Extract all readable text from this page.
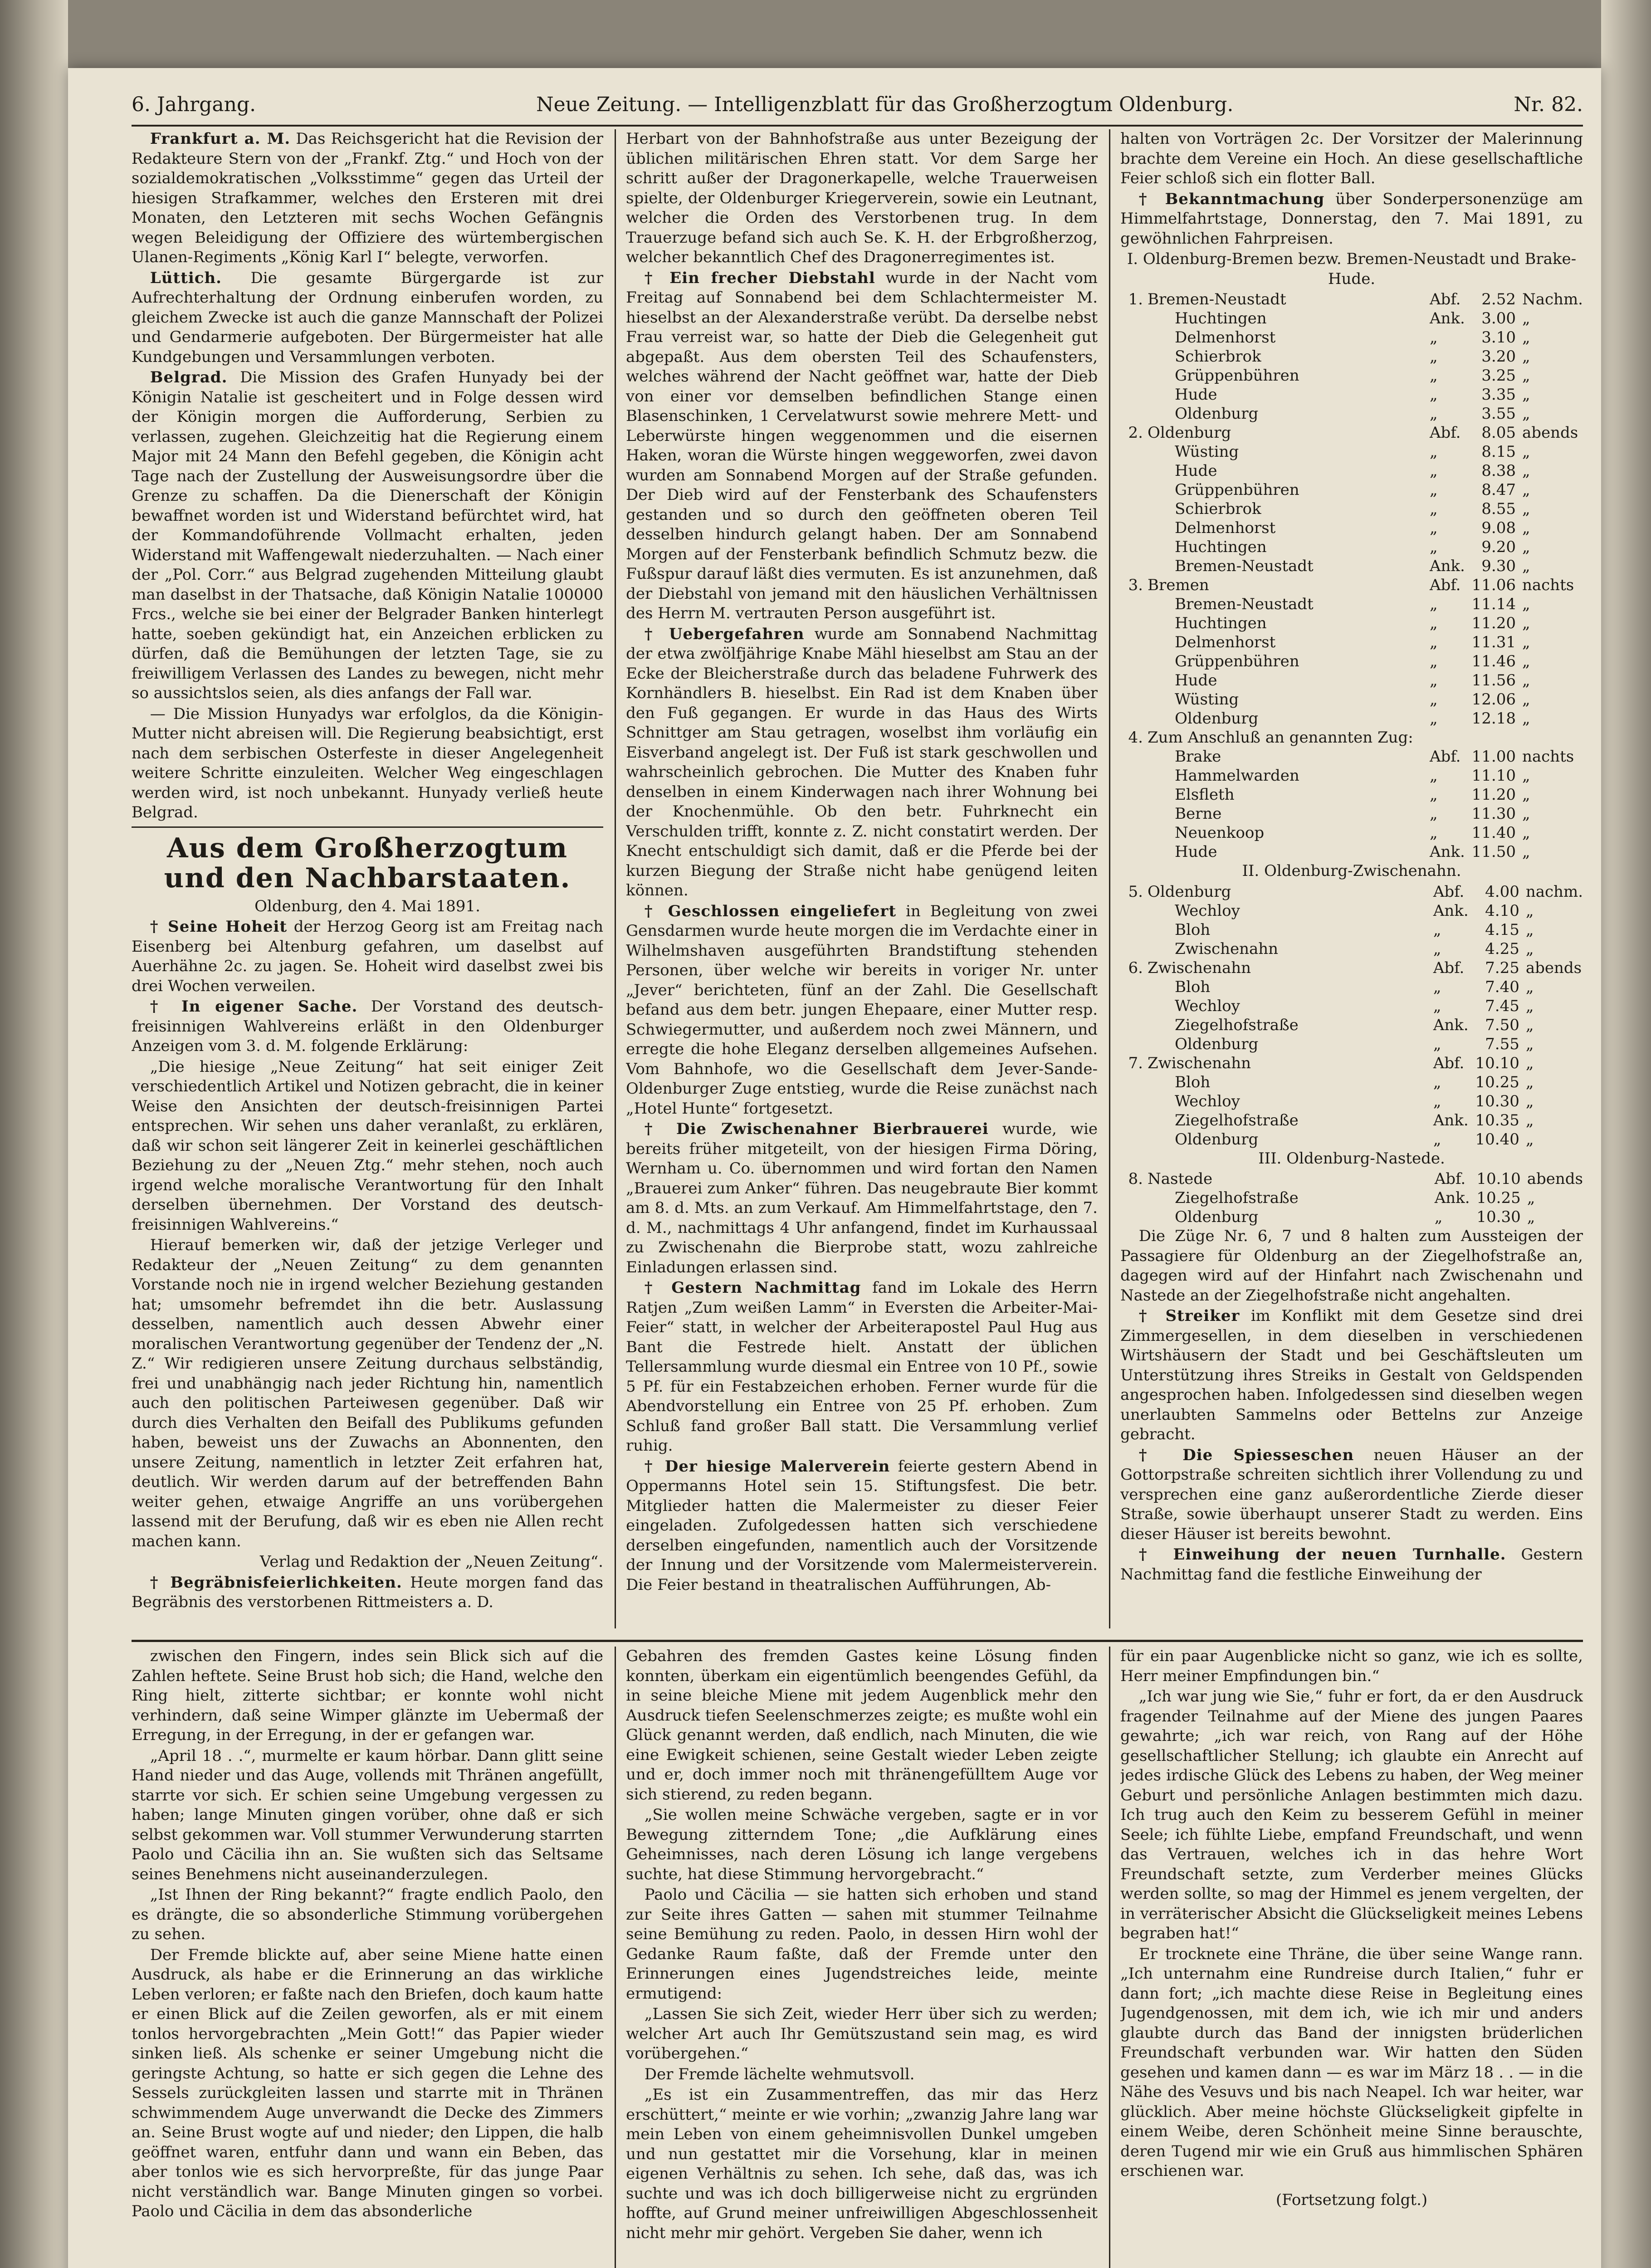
6. Jahrgang.	Neue Zeitung. — Intelligenzblatt für das Großherzogtum Oldenburg.	Nr. 82.

Frankfurt a. M. Das Reichsgericht hat die Revision der Redakteure Stern von der „Frankf. Ztg.“ und Hoch von der sozialdemokratischen „Volksstimme“ gegen das Urteil der hiesigen Strafkammer, welches den Ersteren mit drei Monaten, den Letzteren mit sechs Wochen Gefängnis wegen Beleidigung der Offiziere des würtembergischen Ulanen-Regiments „König Karl I“ belegte, verworfen.

Lüttich. Die gesamte Bürgergarde ist zur Aufrechterhaltung der Ordnung einberufen worden, zu gleichem Zwecke ist auch die ganze Mannschaft der Polizei und Gendarmerie aufgeboten. Der Bürgermeister hat alle Kundgebungen und Versammlungen verboten.

Belgrad. Die Mission des Grafen Hunyady bei der Königin Natalie ist gescheitert und in Folge dessen wird der Königin morgen die Aufforderung, Serbien zu verlassen, zugehen. Gleichzeitig hat die Regierung einem Major mit 24 Mann den Befehl gegeben, die Königin acht Tage nach der Zustellung der Ausweisungsordre über die Grenze zu schaffen. Da die Dienerschaft der Königin bewaffnet worden ist und Widerstand befürchtet wird, hat der Kommandoführende Vollmacht erhalten, jeden Widerstand mit Waffengewalt niederzuhalten. — Nach einer der „Pol. Corr.“ aus Belgrad zugehenden Mitteilung glaubt man daselbst in der Thatsache, daß Königin Natalie 100000 Frcs., welche sie bei einer der Belgrader Banken hinterlegt hatte, soeben gekündigt hat, ein Anzeichen erblicken zu dürfen, daß die Bemühungen der letzten Tage, sie zu freiwilligem Verlassen des Landes zu bewegen, nicht mehr so aussichtslos seien, als dies anfangs der Fall war.

— Die Mission Hunyadys war erfolglos, da die Königin-Mutter nicht abreisen will. Die Regierung beabsichtigt, erst nach dem serbischen Osterfeste in dieser Angelegenheit weitere Schritte einzuleiten. Welcher Weg eingeschlagen werden wird, ist noch unbekannt. Hunyady verließ heute Belgrad.

Aus dem Großherzogtum und den Nachbarstaaten.

Oldenburg, den 4. Mai 1891.

† Seine Hoheit der Herzog Georg ist am Freitag nach Eisenberg bei Altenburg gefahren, um daselbst auf Auerhähne 2c. zu jagen. Se. Hoheit wird daselbst zwei bis drei Wochen verweilen.

† In eigener Sache. Der Vorstand des deutsch-freisinnigen Wahlvereins erläßt in den Oldenburger Anzeigen vom 3. d. M. folgende Erklärung:

„Die hiesige „Neue Zeitung“ hat seit einiger Zeit verschiedentlich Artikel und Notizen gebracht, die in keiner Weise den Ansichten der deutsch-freisinnigen Partei entsprechen. Wir sehen uns daher veranlaßt, zu erklären, daß wir schon seit längerer Zeit in keinerlei geschäftlichen Beziehung zu der „Neuen Ztg.“ mehr stehen, noch auch irgend welche moralische Verantwortung für den Inhalt derselben übernehmen. Der Vorstand des deutsch-freisinnigen Wahlvereins.“

Hierauf bemerken wir, daß der jetzige Verleger und Redakteur der „Neuen Zeitung“ zu dem genannten Vorstande noch nie in irgend welcher Beziehung gestanden hat; umsomehr befremdet ihn die betr. Auslassung desselben, namentlich auch dessen Abwehr einer moralischen Verantwortung gegenüber der Tendenz der „N. Z.“ Wir redigieren unsere Zeitung durchaus selbständig, frei und unabhängig nach jeder Richtung hin, namentlich auch den politischen Parteiwesen gegenüber. Daß wir durch dies Verhalten den Beifall des Publikums gefunden haben, beweist uns der Zuwachs an Abonnenten, den unsere Zeitung, namentlich in letzter Zeit erfahren hat, deutlich. Wir werden darum auf der betreffenden Bahn weiter gehen, etwaige Angriffe an uns vorübergehen lassend mit der Berufung, daß wir es eben nie Allen recht machen kann.

Verlag und Redaktion der „Neuen Zeitung“.

† Begräbnisfeierlichkeiten. Heute morgen fand das Begräbnis des verstorbenen Rittmeisters a. D.

Herbart von der Bahnhofstraße aus unter Bezeigung der üblichen militärischen Ehren statt. Vor dem Sarge her schritt außer der Dragonerkapelle, welche Trauerweisen spielte, der Oldenburger Kriegerverein, sowie ein Leutnant, welcher die Orden des Verstorbenen trug. In dem Trauerzuge befand sich auch Se. K. H. der Erbgroßherzog, welcher bekanntlich Chef des Dragonerregimentes ist.

† Ein frecher Diebstahl wurde in der Nacht vom Freitag auf Sonnabend bei dem Schlachtermeister M. hieselbst an der Alexanderstraße verübt. Da derselbe nebst Frau verreist war, so hatte der Dieb die Gelegenheit gut abgepaßt. Aus dem obersten Teil des Schaufensters, welches während der Nacht geöffnet war, hatte der Dieb von einer vor demselben befindlichen Stange einen Blasenschinken, 1 Cervelatwurst sowie mehrere Mett- und Leberwürste hingen weggenommen und die eisernen Haken, woran die Würste hingen weggeworfen, zwei davon wurden am Sonnabend Morgen auf der Straße gefunden. Der Dieb wird auf der Fensterbank des Schaufensters gestanden und so durch den geöffneten oberen Teil desselben hindurch gelangt haben. Der am Sonnabend Morgen auf der Fensterbank befindlich Schmutz bezw. die Fußspur darauf läßt dies vermuten. Es ist anzunehmen, daß der Diebstahl von jemand mit den häuslichen Verhältnissen des Herrn M. vertrauten Person ausgeführt ist.

† Uebergefahren wurde am Sonnabend Nachmittag der etwa zwölfjährige Knabe Mähl hieselbst am Stau an der Ecke der Bleicherstraße durch das beladene Fuhrwerk des Kornhändlers B. hieselbst. Ein Rad ist dem Knaben über den Fuß gegangen. Er wurde in das Haus des Wirts Schnittger am Stau getragen, woselbst ihm vorläufig ein Eisverband angelegt ist. Der Fuß ist stark geschwollen und wahrscheinlich gebrochen. Die Mutter des Knaben fuhr denselben in einem Kinderwagen nach ihrer Wohnung bei der Knochenmühle. Ob den betr. Fuhrknecht ein Verschulden trifft, konnte z. Z. nicht constatirt werden. Der Knecht entschuldigt sich damit, daß er die Pferde bei der kurzen Biegung der Straße nicht habe genügend leiten können.

† Geschlossen eingeliefert in Begleitung von zwei Gensdarmen wurde heute morgen die im Verdachte einer in Wilhelmshaven ausgeführten Brandstiftung stehenden Personen, über welche wir bereits in voriger Nr. unter „Jever“ berichteten, fünf an der Zahl. Die Gesellschaft befand aus dem betr. jungen Ehepaare, einer Mutter resp. Schwiegermutter, und außerdem noch zwei Männern, und erregte die hohe Eleganz derselben allgemeines Aufsehen. Vom Bahnhofe, wo die Gesellschaft dem Jever-Sande-Oldenburger Zuge entstieg, wurde die Reise zunächst nach „Hotel Hunte“ fortgesetzt.

† Die Zwischenahner Bierbrauerei wurde, wie bereits früher mitgeteilt, von der hiesigen Firma Döring, Wernham u. Co. übernommen und wird fortan den Namen „Brauerei zum Anker“ führen. Das neugebraute Bier kommt am 8. d. Mts. an zum Verkauf. Am Himmelfahrtstage, den 7. d. M., nachmittags 4 Uhr anfangend, findet im Kurhaussaal zu Zwischenahn die Bierprobe statt, wozu zahlreiche Einladungen erlassen sind.

† Gestern Nachmittag fand im Lokale des Herrn Ratjen „Zum weißen Lamm“ in Eversten die Arbeiter-Mai-Feier“ statt, in welcher der Arbeiterapostel Paul Hug aus Bant die Festrede hielt. Anstatt der üblichen Tellersammlung wurde diesmal ein Entree von 10 Pf., sowie 5 Pf. für ein Festabzeichen erhoben. Ferner wurde für die Abendvorstellung ein Entree von 25 Pf. erhoben. Zum Schluß fand großer Ball statt. Die Versammlung verlief ruhig.

† Der hiesige Malerverein feierte gestern Abend in Oppermanns Hotel sein 15. Stiftungsfest. Die betr. Mitglieder hatten die Malermeister zu dieser Feier eingeladen. Zufolgedessen hatten sich verschiedene derselben eingefunden, namentlich auch der Vorsitzende der Innung und der Vorsitzende vom Malermeisterverein. Die Feier bestand in theatralischen Aufführungen, Ab-

halten von Vorträgen 2c. Der Vorsitzer der Malerinnung brachte dem Vereine ein Hoch. An diese gesellschaftliche Feier schloß sich ein flotter Ball.

† Bekanntmachung über Sonderpersonenzüge am Himmelfahrtstage, Donnerstag, den 7. Mai 1891, zu gewöhnlichen Fahrpreisen.

I. Oldenburg-Bremen bezw. Bremen-Neustadt und Brake-Hude.

1.	Bremen-Neustadt	Abf.	2.52	Nachm.
	Huchtingen	Ank.	3.00	„
	Delmenhorst	„	3.10	„
	Schierbrok	„	3.20	„
	Grüppenbühren	„	3.25	„
	Hude	„	3.35	„
	Oldenburg	„	3.55	„
2.	Oldenburg	Abf.	8.05	abends
	Wüsting	„	8.15	„
	Hude	„	8.38	„
	Grüppenbühren	„	8.47	„
	Schierbrok	„	8.55	„
	Delmenhorst	„	9.08	„
	Huchtingen	„	9.20	„
	Bremen-Neustadt	Ank.	9.30	„
3.	Bremen	Abf.	11.06	nachts
	Bremen-Neustadt	„	11.14	„
	Huchtingen	„	11.20	„
	Delmenhorst	„	11.31	„
	Grüppenbühren	„	11.46	„
	Hude	„	11.56	„
	Wüsting	„	12.06	„
	Oldenburg	„	12.18	„
4.	Zum Anschluß an genannten Zug:			
	Brake	Abf.	11.00	nachts
	Hammelwarden	„	11.10	„
	Elsfleth	„	11.20	„
	Berne	„	11.30	„
	Neuenkoop	„	11.40	„
	Hude	Ank.	11.50	„

II. Oldenburg-Zwischenahn.

5.	Oldenburg	Abf.	4.00	nachm.
	Wechloy	Ank.	4.10	„
	Bloh	„	4.15	„
	Zwischenahn	„	4.25	„
6.	Zwischenahn	Abf.	7.25	abends
	Bloh	„	7.40	„
	Wechloy	„	7.45	„
	Ziegelhofstraße	Ank.	7.50	„
	Oldenburg	„	7.55	„
7.	Zwischenahn	Abf.	10.10	„
	Bloh	„	10.25	„
	Wechloy	„	10.30	„
	Ziegelhofstraße	Ank.	10.35	„
	Oldenburg	„	10.40	„

III. Oldenburg-Nastede.

8.	Nastede	Abf.	10.10	abends
	Ziegelhofstraße	Ank.	10.25	„
	Oldenburg	„	10.30	„

Die Züge Nr. 6, 7 und 8 halten zum Aussteigen der Passagiere für Oldenburg an der Ziegelhofstraße an, dagegen wird auf der Hinfahrt nach Zwischenahn und Nastede an der Ziegelhofstraße nicht angehalten.

† Streiker im Konflikt mit dem Gesetze sind drei Zimmergesellen, in dem dieselben in verschiedenen Wirtshäusern der Stadt und bei Geschäftsleuten um Unterstützung ihres Streiks in Gestalt von Geldspenden angesprochen haben. Infolgedessen sind dieselben wegen unerlaubten Sammelns oder Bettelns zur Anzeige gebracht.

† Die Spiesseschen neuen Häuser an der Gottorpstraße schreiten sichtlich ihrer Vollendung zu und versprechen eine ganz außerordentliche Zierde dieser Straße, sowie überhaupt unserer Stadt zu werden. Eins dieser Häuser ist bereits bewohnt.

† Einweihung der neuen Turnhalle. Gestern Nachmittag fand die festliche Einweihung der

zwischen den Fingern, indes sein Blick sich auf die Zahlen heftete. Seine Brust hob sich; die Hand, welche den Ring hielt, zitterte sichtbar; er konnte wohl nicht verhindern, daß seine Wimper glänzte im Uebermaß der Erregung, in der Erregung, in der er gefangen war.

„April 18 . .“, murmelte er kaum hörbar. Dann glitt seine Hand nieder und das Auge, vollends mit Thränen angefüllt, starrte vor sich. Er schien seine Umgebung vergessen zu haben; lange Minuten gingen vorüber, ohne daß er sich selbst gekommen war. Voll stummer Verwunderung starrten Paolo und Cäcilia ihn an. Sie wußten sich das Seltsame seines Benehmens nicht auseinanderzulegen.

„Ist Ihnen der Ring bekannt?“ fragte endlich Paolo, den es drängte, die so absonderliche Stimmung vorübergehen zu sehen.

Der Fremde blickte auf, aber seine Miene hatte einen Ausdruck, als habe er die Erinnerung an das wirkliche Leben verloren; er faßte nach den Briefen, doch kaum hatte er einen Blick auf die Zeilen geworfen, als er mit einem tonlos hervorgebrachten „Mein Gott!“ das Papier wieder sinken ließ. Als schenke er seiner Umgebung nicht die geringste Achtung, so hatte er sich gegen die Lehne des Sessels zurückgleiten lassen und starrte mit in Thränen schwimmendem Auge unverwandt die Decke des Zimmers an. Seine Brust wogte auf und nieder; den Lippen, die halb geöffnet waren, entfuhr dann und wann ein Beben, das aber tonlos wie es sich hervorpreßte, für das junge Paar nicht verständlich war. Bange Minuten gingen so vorbei. Paolo und Cäcilia in dem das absonderliche

Gebahren des fremden Gastes keine Lösung finden konnten, überkam ein eigentümlich beengendes Gefühl, da in seine bleiche Miene mit jedem Augenblick mehr den Ausdruck tiefen Seelenschmerzes zeigte; es mußte wohl ein Glück genannt werden, daß endlich, nach Minuten, die wie eine Ewigkeit schienen, seine Gestalt wieder Leben zeigte und er, doch immer noch mit thränengefülltem Auge vor sich stierend, zu reden begann.

„Sie wollen meine Schwäche vergeben, sagte er in vor Bewegung zitterndem Tone; „die Aufklärung eines Geheimnisses, nach deren Lösung ich lange vergebens suchte, hat diese Stimmung hervorgebracht.“

Paolo und Cäcilia — sie hatten sich erhoben und stand zur Seite ihres Gatten — sahen mit stummer Teilnahme seine Bemühung zu reden. Paolo, in dessen Hirn wohl der Gedanke Raum faßte, daß der Fremde unter den Erinnerungen eines Jugendstreiches leide, meinte ermutigend:

„Lassen Sie sich Zeit, wieder Herr über sich zu werden; welcher Art auch Ihr Gemütszustand sein mag, es wird vorübergehen.“

Der Fremde lächelte wehmutsvoll.

„Es ist ein Zusammentreffen, das mir das Herz erschüttert,“ meinte er wie vorhin; „zwanzig Jahre lang war mein Leben von einem geheimnisvollen Dunkel umgeben und nun gestattet mir die Vorsehung, klar in meinen eigenen Verhältnis zu sehen. Ich sehe, daß das, was ich suchte und was ich doch billigerweise nicht zu ergründen hoffte, auf Grund meiner unfreiwilligen Abgeschlossenheit nicht mehr mir gehört. Vergeben Sie daher, wenn ich

für ein paar Augenblicke nicht so ganz, wie ich es sollte, Herr meiner Empfindungen bin.“

„Ich war jung wie Sie,“ fuhr er fort, da er den Ausdruck fragender Teilnahme auf der Miene des jungen Paares gewahrte; „ich war reich, von Rang auf der Höhe gesellschaftlicher Stellung; ich glaubte ein Anrecht auf jedes irdische Glück des Lebens zu haben, der Weg meiner Geburt und persönliche Anlagen bestimmten mich dazu. Ich trug auch den Keim zu besserem Gefühl in meiner Seele; ich fühlte Liebe, empfand Freundschaft, und wenn das Vertrauen, welches ich in das hehre Wort Freundschaft setzte, zum Verderber meines Glücks werden sollte, so mag der Himmel es jenem vergelten, der in verräterischer Absicht die Glückseligkeit meines Lebens begraben hat!“

Er trocknete eine Thräne, die über seine Wange rann. „Ich unternahm eine Rundreise durch Italien,“ fuhr er dann fort; „ich machte diese Reise in Begleitung eines Jugendgenossen, mit dem ich, wie ich mir und anders glaubte durch das Band der innigsten brüderlichen Freundschaft verbunden war. Wir hatten den Süden gesehen und kamen dann — es war im März 18 . . — in die Nähe des Vesuvs und bis nach Neapel. Ich war heiter, war glücklich. Aber meine höchste Glückseligkeit gipfelte in einem Weibe, deren Schönheit meine Sinne berauschte, deren Tugend mir wie ein Gruß aus himmlischen Sphären erschienen war.

(Fortsetzung folgt.)
